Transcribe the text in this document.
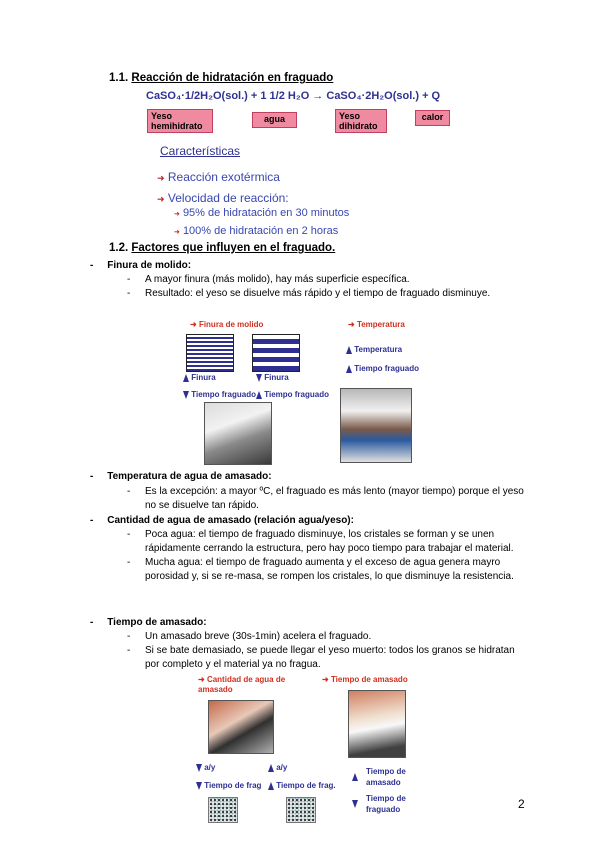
1.1. Reacción de hidratación en fraguado
CaSO₄·1/2H₂O(sol.) + 1 1/2 H₂O → CaSO₄·2H₂O(sol.) + Q
Yeso hemihidrato
agua	Yeso dihidrato
calor
Características
➜ Reacción exotérmica
➜ Velocidad de reacción:
➜ 95% de hidratación en 30 minutos
➜ 100% de hidratación en 2 horas
1.2. Factores que influyen en el fraguado.
-     Finura de molido:
-	A mayor finura (más molido), hay más superficie específica.
-	Resultado: el yeso se disuelve más rápido y el tiempo de fraguado disminuye.
➜ Finura de molido
Finura
Tiempo fraguado
Finura
Tiempo fraguado
➜ Temperatura
Temperatura
Tiempo fraguado
-     Temperatura de agua de amasado:
-	Es la excepción: a mayor ºC, el fraguado es más lento (mayor tiempo) porque el yeso no se disuelve tan rápido.
-     Cantidad de agua de amasado (relación agua/yeso):
-	Poca agua: el tiempo de fraguado disminuye, los cristales se forman y se unen rápidamente cerrando la estructura, pero hay poco tiempo para trabajar el material.
-	Mucha agua: el tiempo de fraguado aumenta y el exceso de agua genera mayro porosidad y, si se re-masa, se rompen los cristales, lo que disminuye la resistencia.
-     Tiempo de amasado:
-	Un amasado breve (30s-1min) acelera el fraguado.
-	Si se bate demasiado, se puede llegar el yeso muerto: todos los granos se hidratan por completo y el material ya no fragua.
➜ Cantidad de agua de amasado
➜ Tiempo de amasado
a/y
Tiempo de frag
a/y
Tiempo de frag.
Tiempo de amasado
Tiempo de fraguado	2
